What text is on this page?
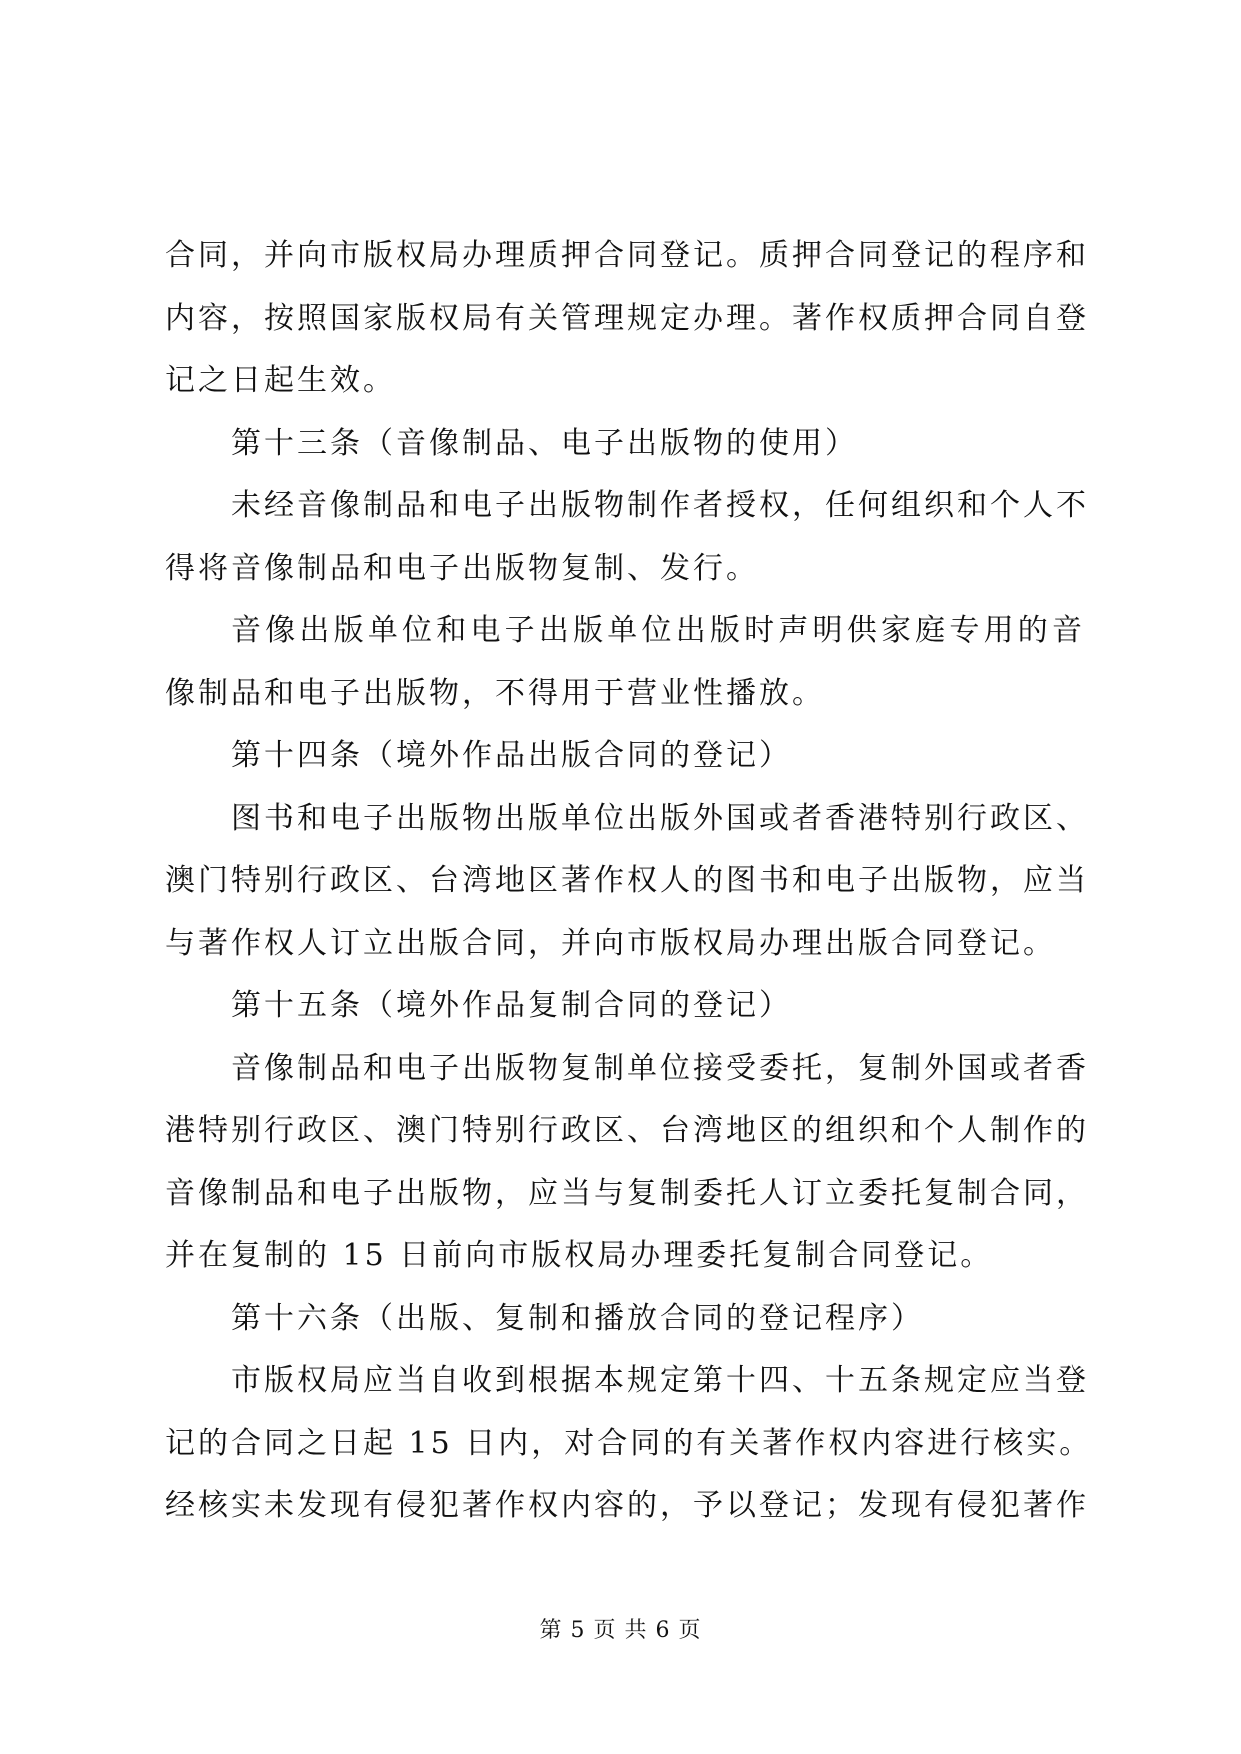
合同，并向市版权局办理质押合同登记。质押合同登记的程序和
内容，按照国家版权局有关管理规定办理。著作权质押合同自登
记之日起生效。
第十三条（音像制品、电子出版物的使用）
未经音像制品和电子出版物制作者授权，任何组织和个人不
得将音像制品和电子出版物复制、发行。
音像出版单位和电子出版单位出版时声明供家庭专用的音
像制品和电子出版物，不得用于营业性播放。
第十四条（境外作品出版合同的登记）
图书和电子出版物出版单位出版外国或者香港特别行政区、
澳门特别行政区、台湾地区著作权人的图书和电子出版物，应当
与著作权人订立出版合同，并向市版权局办理出版合同登记。
第十五条（境外作品复制合同的登记）
音像制品和电子出版物复制单位接受委托，复制外国或者香
港特别行政区、澳门特别行政区、台湾地区的组织和个人制作的
音像制品和电子出版物，应当与复制委托人订立委托复制合同，
并在复制的 15 日前向市版权局办理委托复制合同登记。
第十六条（出版、复制和播放合同的登记程序）
市版权局应当自收到根据本规定第十四、十五条规定应当登
记的合同之日起 15 日内，对合同的有关著作权内容进行核实。
经核实未发现有侵犯著作权内容的，予以登记；发现有侵犯著作
第 5 页 共 6 页
